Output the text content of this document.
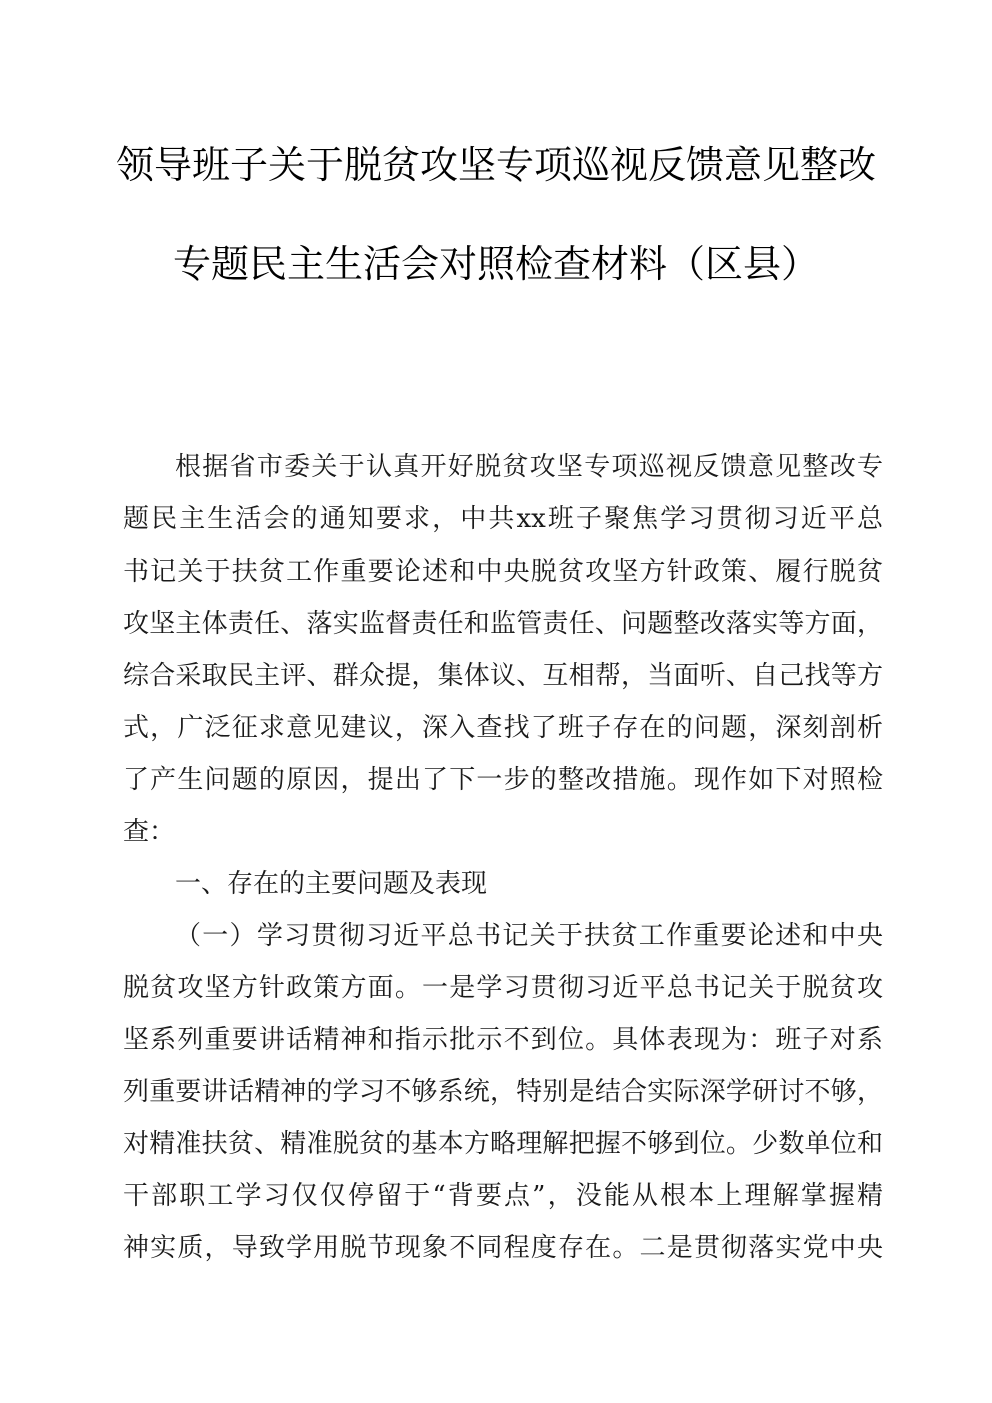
领导班子关于脱贫攻坚专项巡视反馈意见整改
专题民主生活会对照检查材料（区县）
根据省市委关于认真开好脱贫攻坚专项巡视反馈意见整改专
题民主生活会的通知要求，中共xx班子聚焦学习贯彻习近平总
书记关于扶贫工作重要论述和中央脱贫攻坚方针政策、履行脱贫
攻坚主体责任、落实监督责任和监管责任、问题整改落实等方面，
综合采取民主评、群众提，集体议、互相帮，当面听、自己找等方
式，广泛征求意见建议，深入查找了班子存在的问题，深刻剖析
了产生问题的原因，提出了下一步的整改措施。现作如下对照检
查：
一、存在的主要问题及表现
（一）学习贯彻习近平总书记关于扶贫工作重要论述和中央
脱贫攻坚方针政策方面。一是学习贯彻习近平总书记关于脱贫攻
坚系列重要讲话精神和指示批示不到位。具体表现为：班子对系
列重要讲话精神的学习不够系统，特别是结合实际深学研讨不够，
对精准扶贫、精准脱贫的基本方略理解把握不够到位。少数单位和
干部职工学习仅仅停留于“背要点”，没能从根本上理解掌握精
神实质，导致学用脱节现象不同程度存在。二是贯彻落实党中央
